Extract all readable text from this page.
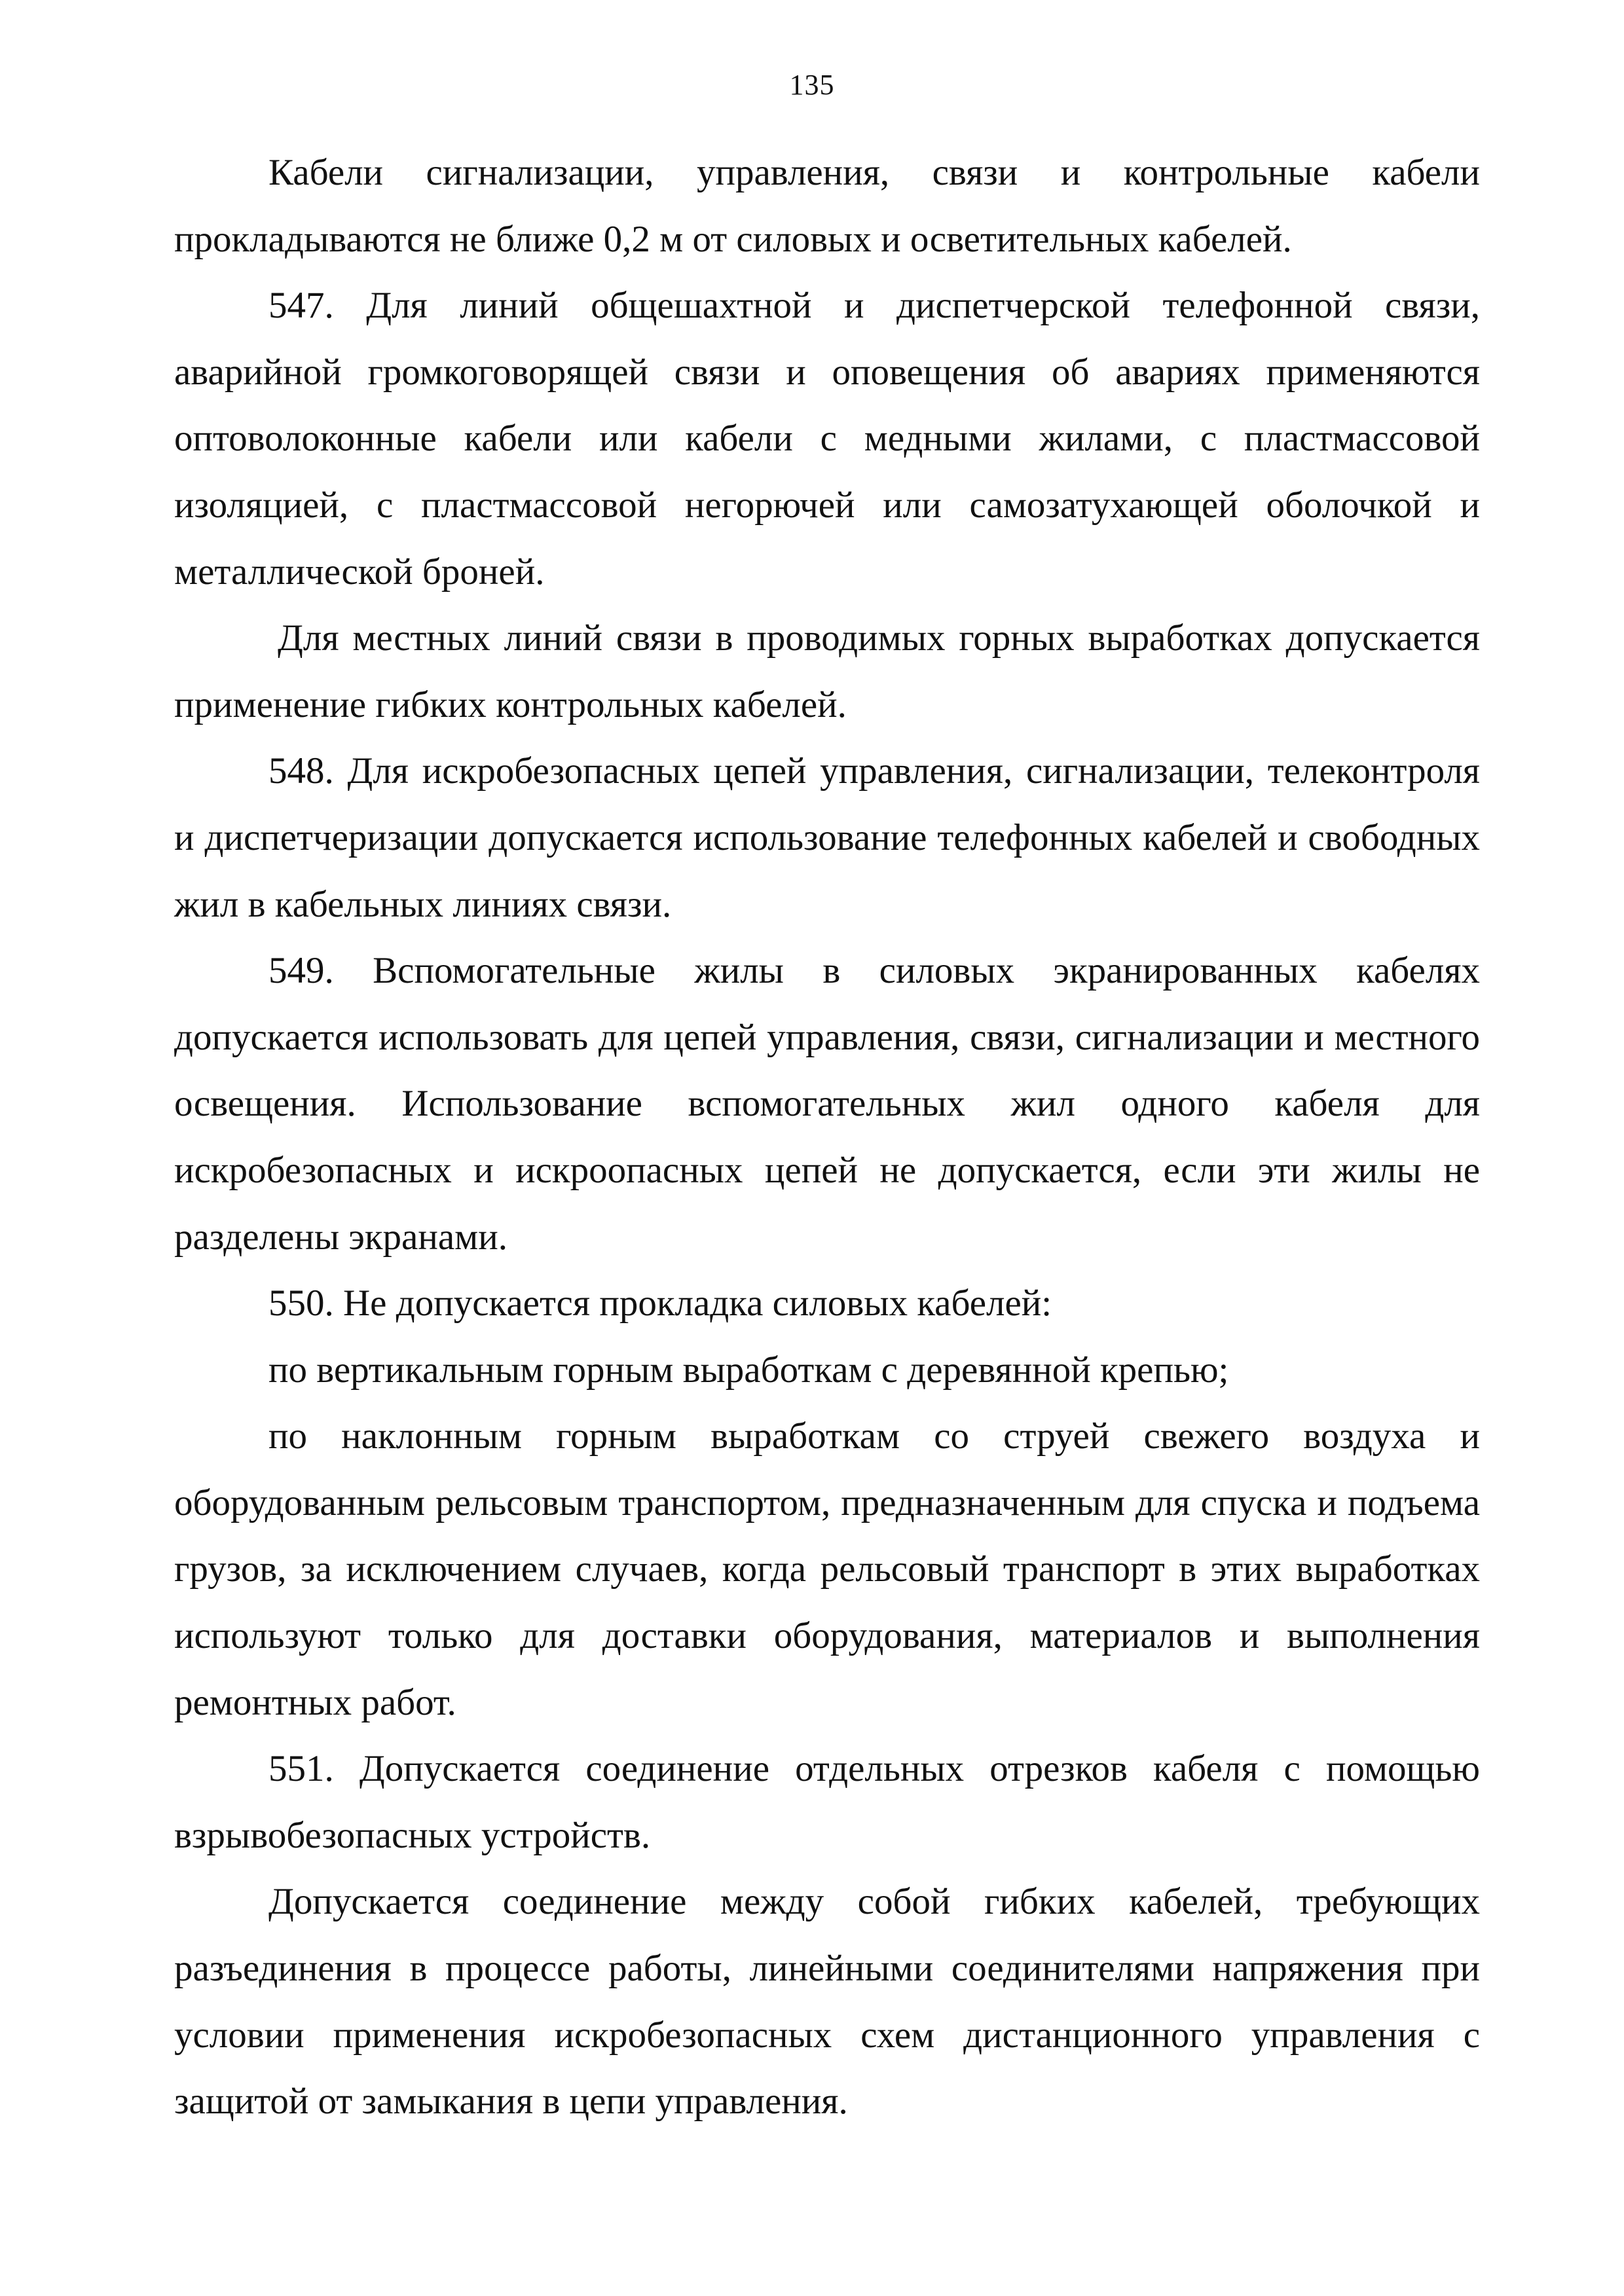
135

Кабели сигнализации, управления, связи и контрольные кабели прокладываются не ближе 0,2 м от силовых и осветительных кабелей.

547. Для линий общешахтной и диспетчерской телефонной связи, аварийной громкоговорящей связи и оповещения об авариях применяются оптоволоконные кабели или кабели с медными жилами, с пластмассовой изоляцией, с пластмассовой негорючей или самозатухающей оболочкой и металлической броней.

Для местных линий связи в проводимых горных выработках допускается применение гибких контрольных кабелей.

548. Для искробезопасных цепей управления, сигнализации, телеконтроля и диспетчеризации допускается использование телефонных кабелей и свободных жил в кабельных линиях связи.

549. Вспомогательные жилы в силовых экранированных кабелях допускается использовать для цепей управления, связи, сигнализации и местного освещения. Использование вспомогательных жил одного кабеля для искробезопасных и искроопасных цепей не допускается, если эти жилы не разделены экранами.

550. Не допускается прокладка силовых кабелей:

по вертикальным горным выработкам с деревянной крепью;

по наклонным горным выработкам со струей свежего воздуха и оборудованным рельсовым транспортом, предназначенным для спуска и подъема грузов, за исключением случаев, когда рельсовый транспорт в этих выработках используют только для доставки оборудования, материалов и выполнения ремонтных работ.

551. Допускается соединение отдельных отрезков кабеля с помощью взрывобезопасных устройств.

Допускается соединение между собой гибких кабелей, требующих разъединения в процессе работы, линейными соединителями напряжения при условии применения искробезопасных схем дистанционного управления с защитой от замыкания в цепи управления.
